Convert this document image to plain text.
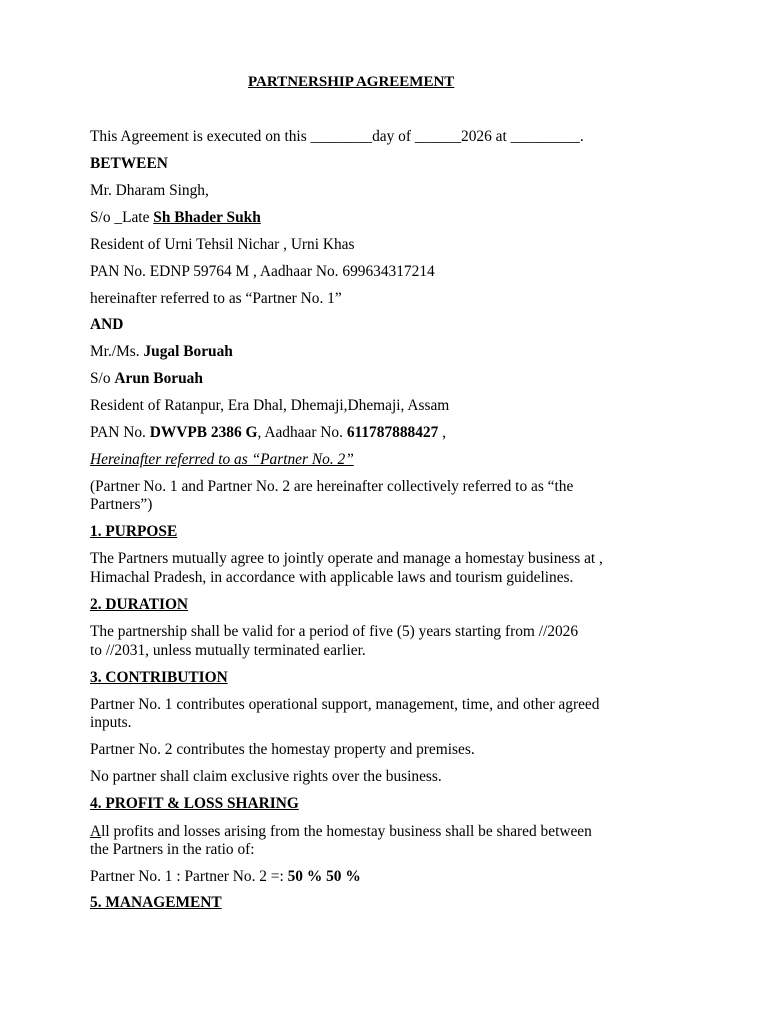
PARTNERSHIP AGREEMENT
This Agreement is executed on this ________day of ______2026 at _________.
BETWEEN
Mr. Dharam Singh,
S/o _Late Sh Bhader Sukh
Resident of Urni Tehsil Nichar , Urni Khas
PAN No. EDNP 59764 M , Aadhaar No. 699634317214
hereinafter referred to as “Partner No. 1”
AND
Mr./Ms. Jugal Boruah
S/o Arun Boruah
Resident of Ratanpur, Era Dhal, Dhemaji,Dhemaji, Assam
PAN No. DWVPB 2386 G, Aadhaar No. 611787888427 ,
Hereinafter referred to as “Partner No. 2”
(Partner No. 1 and Partner No. 2 are hereinafter collectively referred to as “the
Partners”)
1. PURPOSE
The Partners mutually agree to jointly operate and manage a homestay business at ,
Himachal Pradesh, in accordance with applicable laws and tourism guidelines.
2. DURATION
The partnership shall be valid for a period of five (5) years starting from //2026
to //2031, unless mutually terminated earlier.
3. CONTRIBUTION
Partner No. 1 contributes operational support, management, time, and other agreed
inputs.
Partner No. 2 contributes the homestay property and premises.
No partner shall claim exclusive rights over the business.
4. PROFIT & LOSS SHARING
All profits and losses arising from the homestay business shall be shared between
the Partners in the ratio of:
Partner No. 1 : Partner No. 2 =: 50 % 50 %
5. MANAGEMENT
